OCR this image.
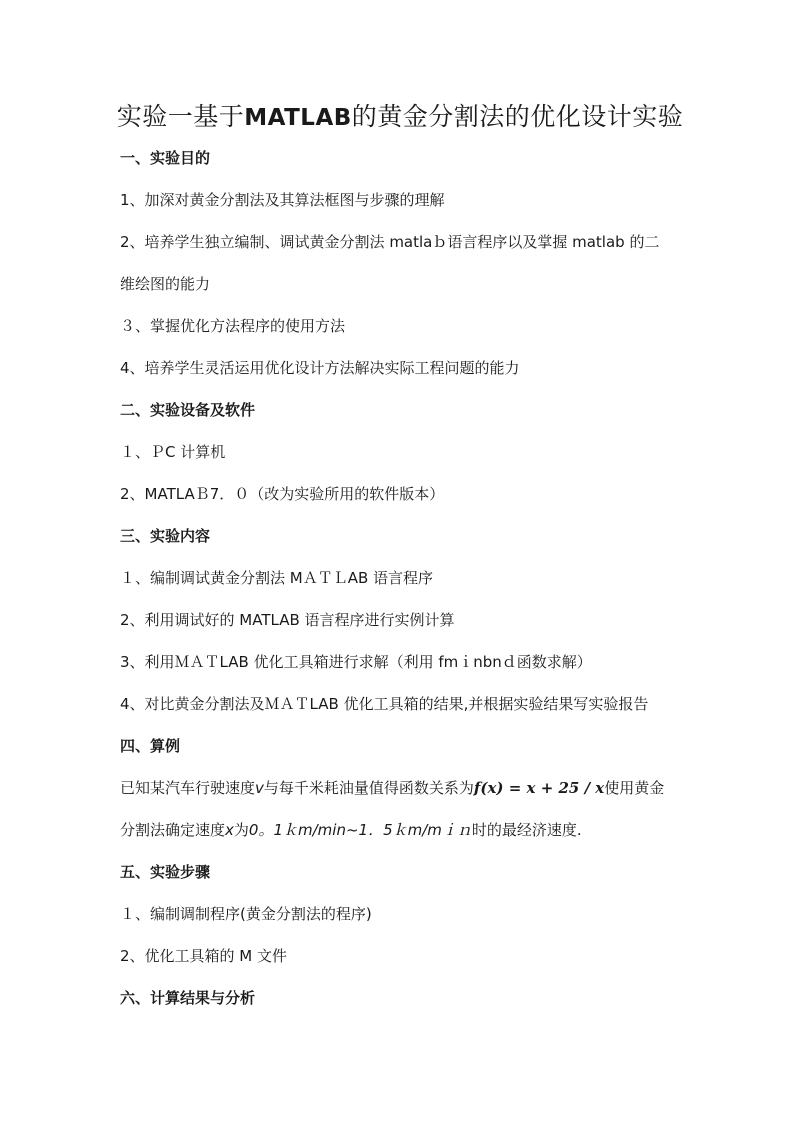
实验一基于MATLAB的黄金分割法的优化设计实验
一、实验目的
1、加深对黄金分割法及其算法框图与步骤的理解
2、培养学生独立编制、调试黄金分割法 matlaｂ语言程序以及掌握 matlab 的二
维绘图的能力
３、掌握优化方法程序的使用方法
4、培养学生灵活运用优化设计方法解决实际工程问题的能力
二、实验设备及软件
１、ＰC 计算机
2、MATLAＢ7．０（改为实验所用的软件版本）
三、实验内容
１、编制调试黄金分割法 MＡＴＬAB 语言程序
2、利用调试好的 MATLAB 语言程序进行实例计算
3、利用ＭＡＴLAB 优化工具箱进行求解（利用 fmｉnbnｄ函数求解）
4、对比黄金分割法及ＭＡＴLAB 优化工具箱的结果,并根据实验结果写实验报告
四、算例
已知某汽车行驶速度v与每千米耗油量值得函数关系为f(x) = x + 25 / x使用黄金
分割法确定速度x为0。1ｋm/min~1．5ｋm/mｉｎ时的最经济速度.
五、实验步骤
１、编制调制程序(黄金分割法的程序)
2、优化工具箱的 M 文件
六、计算结果与分析
